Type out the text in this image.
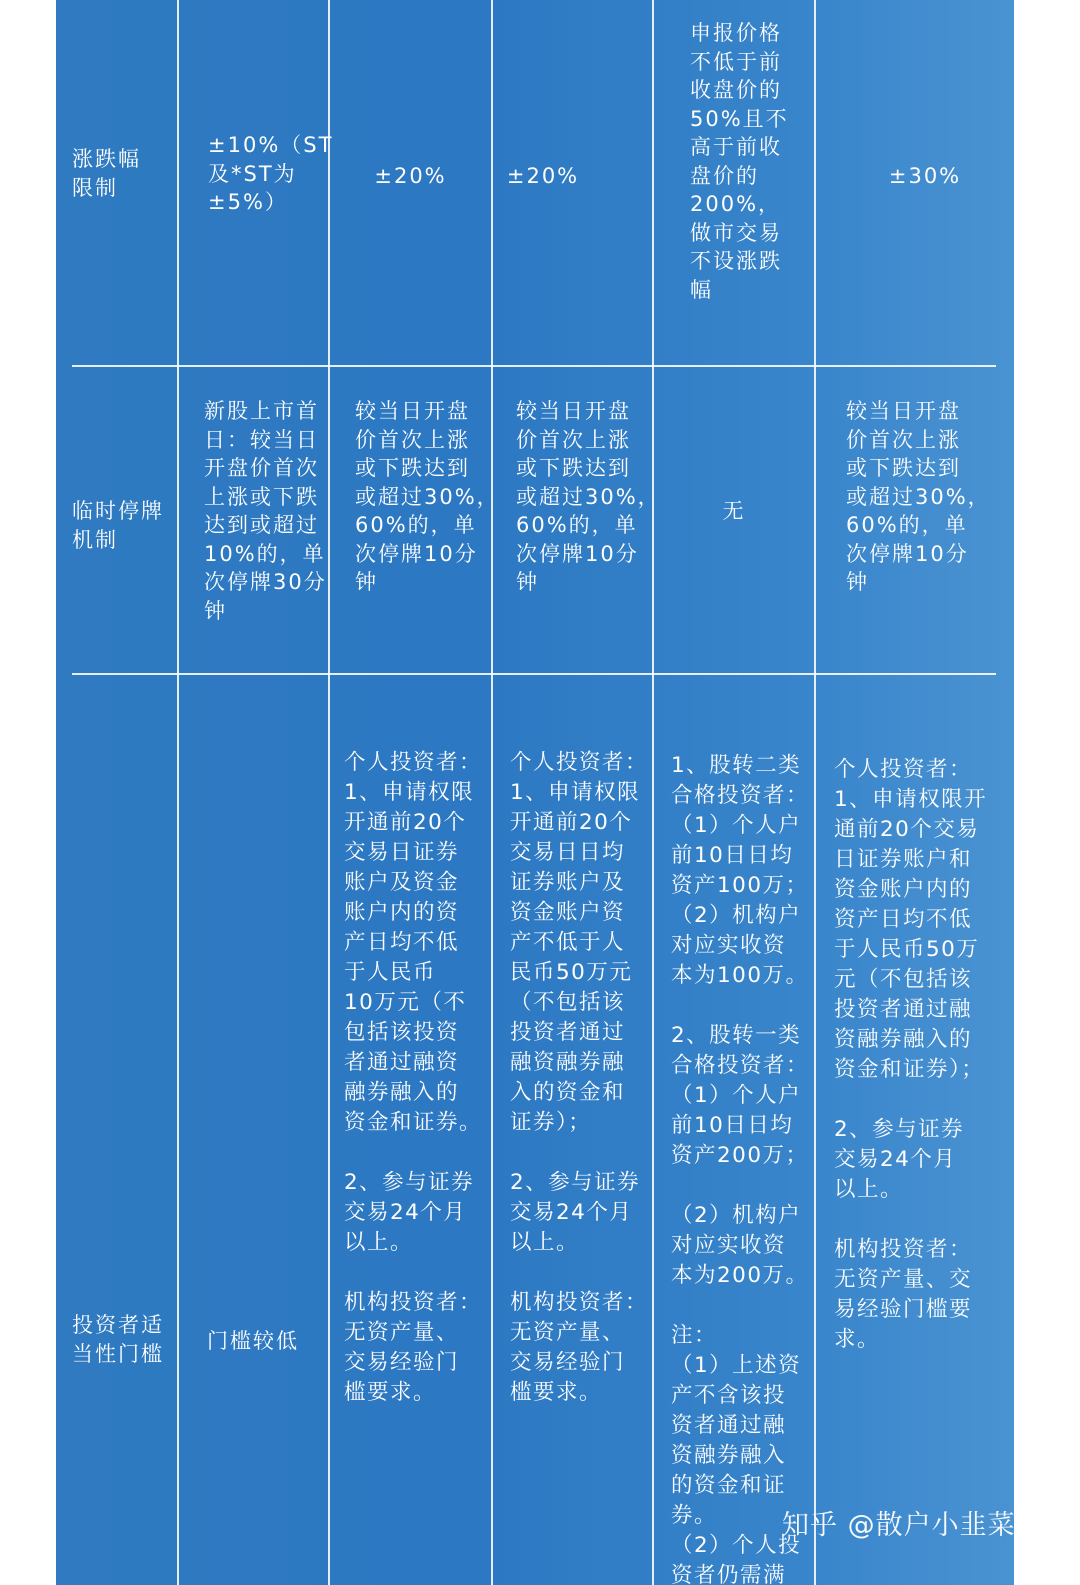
涨跌幅
限制

±10%（ST
及*ST为
±5%）

±20%	±20%

申报价格
不低于前
收盘价的
50%且不
高于前收
盘价的
200%，
做市交易
不设涨跌
幅

±30%

临时停牌
机制

新股上市首
日：较当日
开盘价首次
上涨或下跌
达到或超过
10%的，单
次停牌30分
钟

较当日开盘
价首次上涨
或下跌达到
或超过30%，
60%的，单
次停牌10分
钟

较当日开盘
价首次上涨
或下跌达到
或超过30%，
60%的，单
次停牌10分
钟

无

较当日开盘
价首次上涨
或下跌达到
或超过30%，
60%的，单
次停牌10分
钟

投资者适
当性门槛

门槛较低

个人投资者：
1、申请权限
开通前20个
交易日证券
账户及资金
账户内的资
产日均不低
于人民币
10万元（不
包括该投资
者通过融资
融券融入的
资金和证券。

2、参与证券
交易24个月
以上。

机构投资者：
无资产量、
交易经验门
槛要求。

个人投资者：
1、申请权限
开通前20个
交易日日均
证券账户及
资金账户资
产不低于人
民币50万元
（不包括该
投资者通过
融资融券融
入的资金和
证券）；

2、参与证券
交易24个月
以上。

机构投资者：
无资产量、
交易经验门
槛要求。

1、股转二类
合格投资者：
（1）个人户
前10日日均
资产100万；
（2）机构户
对应实收资
本为100万。

2、股转一类
合格投资者：
（1）个人户
前10日日均
资产200万；

（2）机构户
对应实收资
本为200万。

注：
（1）上述资
产不含该投
资者通过融
资融券融入
的资金和证
券。
（2）个人投
资者仍需满

个人投资者：
1、申请权限开
通前20个交易
日证券账户和
资金账户内的
资产日均不低
于人民币50万
元（不包括该
投资者通过融
资融券融入的
资金和证券）；

2、参与证券
交易24个月
以上。

机构投资者：
无资产量、交
易经验门槛要
求。

知乎 @散户小韭菜
